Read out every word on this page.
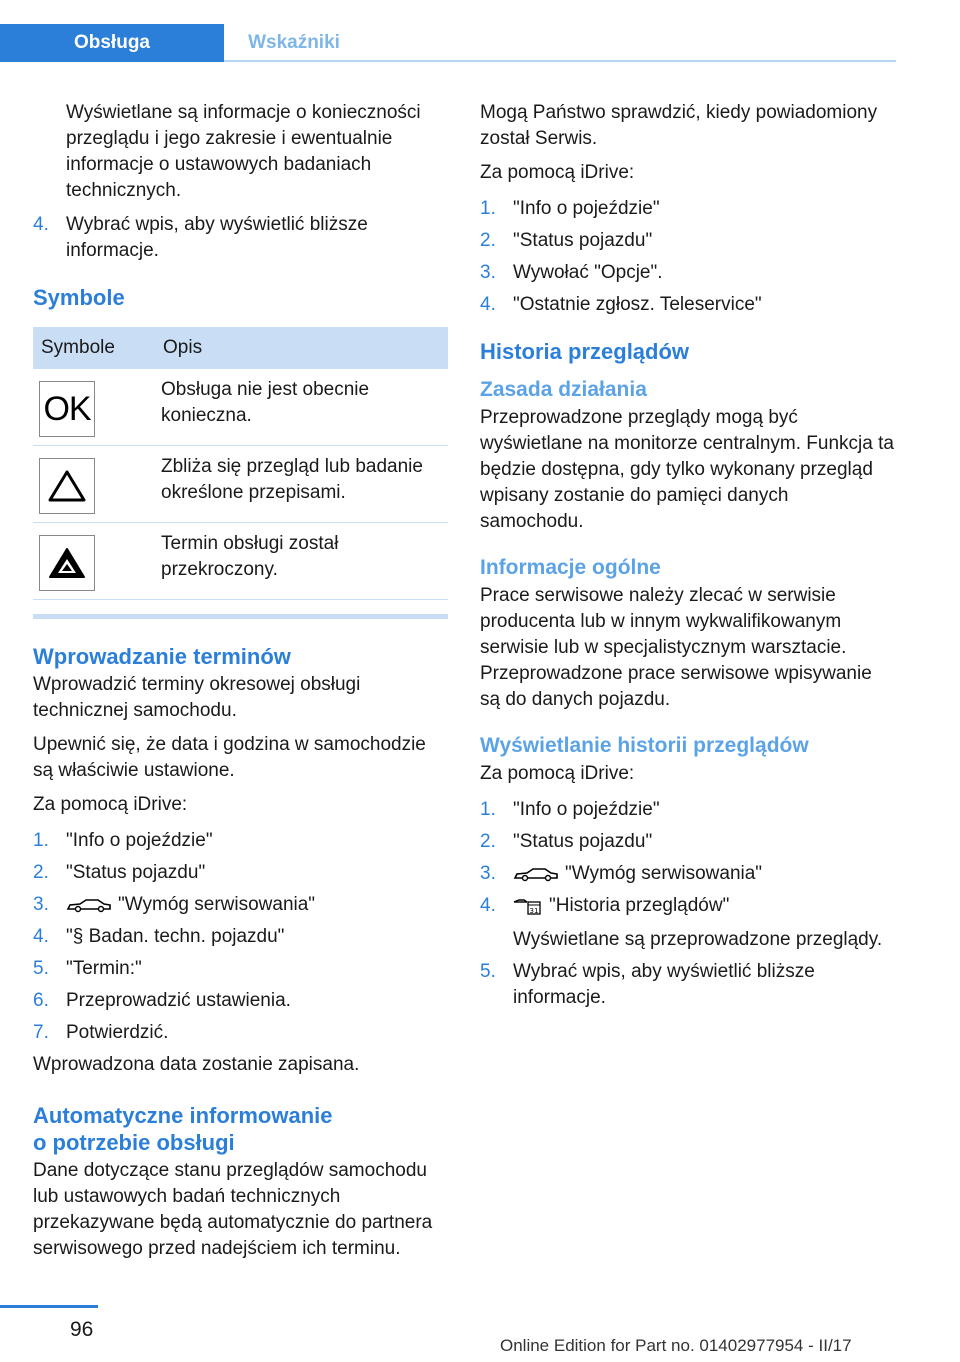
Obsługa	Wskaźniki

Wyświetlane są informacje o konieczności przeglądu i jego zakresie i ewentualnie informacje o ustawowych badaniach technicznych.

4. Wybrać wpis, aby wyświetlić bliższe informacje.
Symbole
Symbole	Opis

OK	Obsługa nie jest obecnie konieczna.

	Zbliża się przegląd lub badanie określone przepisami.

	Termin obsługi został przekroczony.
Wprowadzanie terminów

Wprowadzić terminy okresowej obsługi technicznej samochodu.

Upewnić się, że data i godzina w samochodzie są właściwie ustawione.

Za pomocą iDrive:

1. "Info o pojeździe"
2. "Status pojazdu"
3.	"Wymóg serwisowania"
4. "§ Badan. techn. pojazdu"
5. "Termin:"
6. Przeprowadzić ustawienia.
7. Potwierdzić.

Wprowadzona data zostanie zapisana.

Automatyczne informowanie
o potrzebie obsługi

Dane dotyczące stanu przeglądów samochodu lub ustawowych badań technicznych przekazywane będą automatycznie do partnera serwisowego przed nadejściem ich terminu.

Mogą Państwo sprawdzić, kiedy powiadomiony został Serwis.

Za pomocą iDrive:

1. "Info o pojeździe"
2. "Status pojazdu"
3. Wywołać "Opcje".
4. "Ostatnie zgłosz. Teleservice"
Historia przeglądów
Zasada działania

Przeprowadzone przeglądy mogą być wyświetlane na monitorze centralnym. Funkcja ta będzie dostępna, gdy tylko wykonany przegląd wpisany zostanie do pamięci danych samochodu.

Informacje ogólne

Prace serwisowe należy zlecać w serwisie producenta lub w innym wykwalifikowanym serwisie lub w specjalistycznym warsztacie. Przeprowadzone prace serwisowe wpisywanie są do danych pojazdu.

Wyświetlanie historii przeglądów

Za pomocą iDrive:

1. "Info o pojeździe"
2. "Status pojazdu"
3.	"Wymóg serwisowania"
4.	31 "Historia przeglądów"
Wyświetlane są przeprowadzone przeglądy.
5. Wybrać wpis, aby wyświetlić bliższe informacje.
96
Online Edition for Part no. 01402977954 - II/17
